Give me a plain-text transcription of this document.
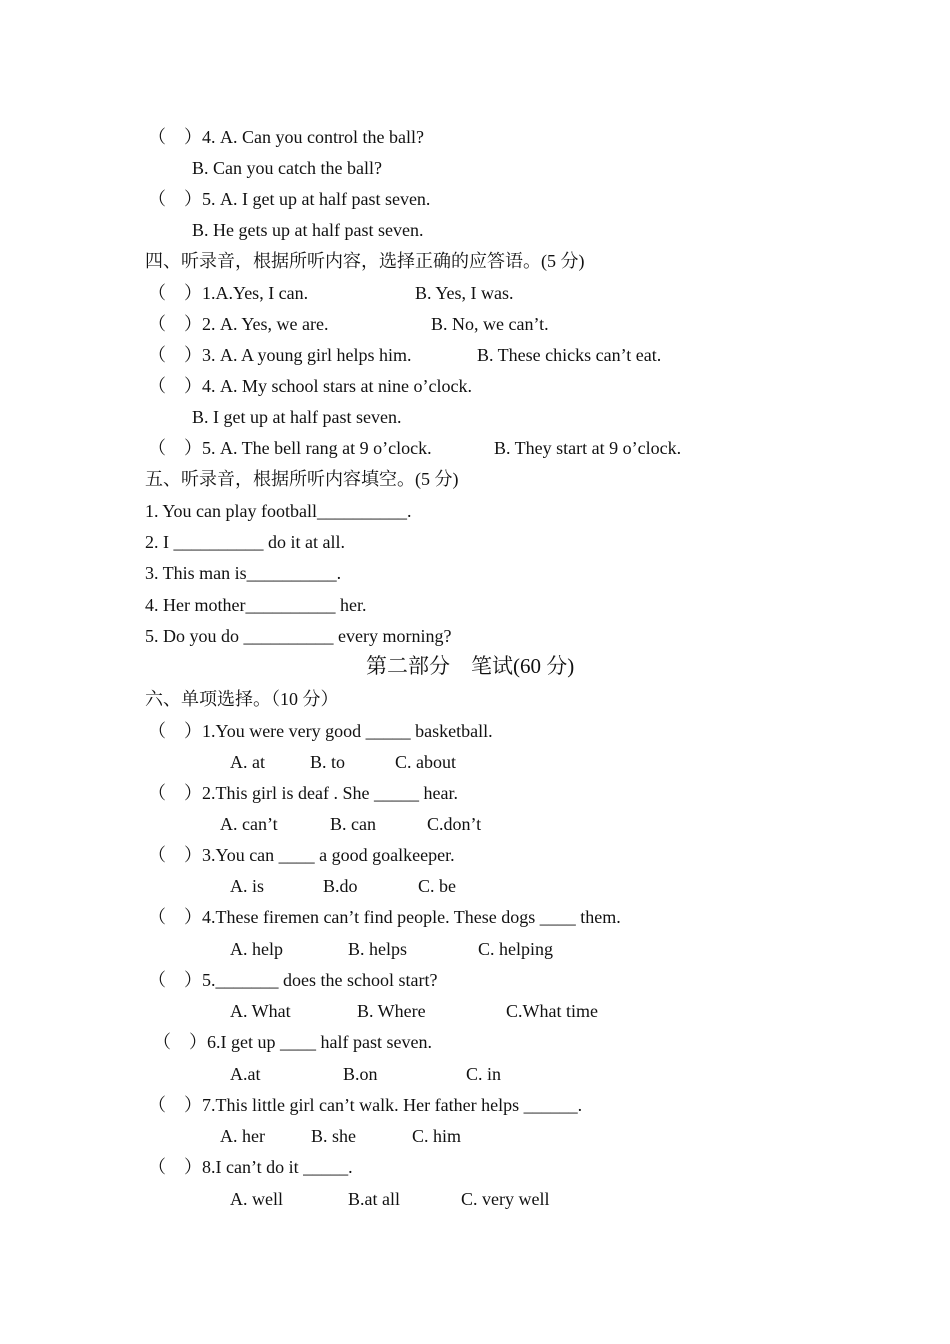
（    ）4. A. Can you control the ball?
B. Can you catch the ball?
（    ）5. A. I get up at half past seven.
B. He gets up at half past seven.
四、听录音，根据所听内容，选择正确的应答语。(5 分)
（    ）1.A.Yes, I can.	B. Yes, I was.
（    ）2. A. Yes, we are.	B. No, we can’t.
（    ）3. A. A young girl helps him.	B. These chicks can’t eat.
（    ）4. A. My school stars at nine o’clock.
B. I get up at half past seven.
（    ）5. A. The bell rang at 9 o’clock.	B. They start at 9 o’clock.
五、听录音，根据所听内容填空。(5 分)
1. You can play football__________.
2. I __________ do it at all.
3. This man is__________.
4. Her mother__________ her.
5. Do you do __________ every morning?
第二部分    笔试(60 分)
六、单项选择。（10 分）
（    ）1.You were very good _____ basketball.
A. at	B. to	C. about
（    ）2.This girl is deaf . She _____ hear.
A. can’t	B. can	C.don’t
（    ）3.You can ____ a good goalkeeper.
A. is	B.do	C. be
（    ）4.These firemen can’t find people. These dogs ____ them.
A. help	B. helps	C. helping
（    ）5._______ does the school start?
A. What	B. Where	C.What time
（    ）6.I get up ____ half past seven.
A.at	B.on	C. in
（    ）7.This little girl can’t walk. Her father helps ______.
A. her	B. she	C. him
（    ）8.I can’t do it _____.
A. well	B.at all	C. very well
